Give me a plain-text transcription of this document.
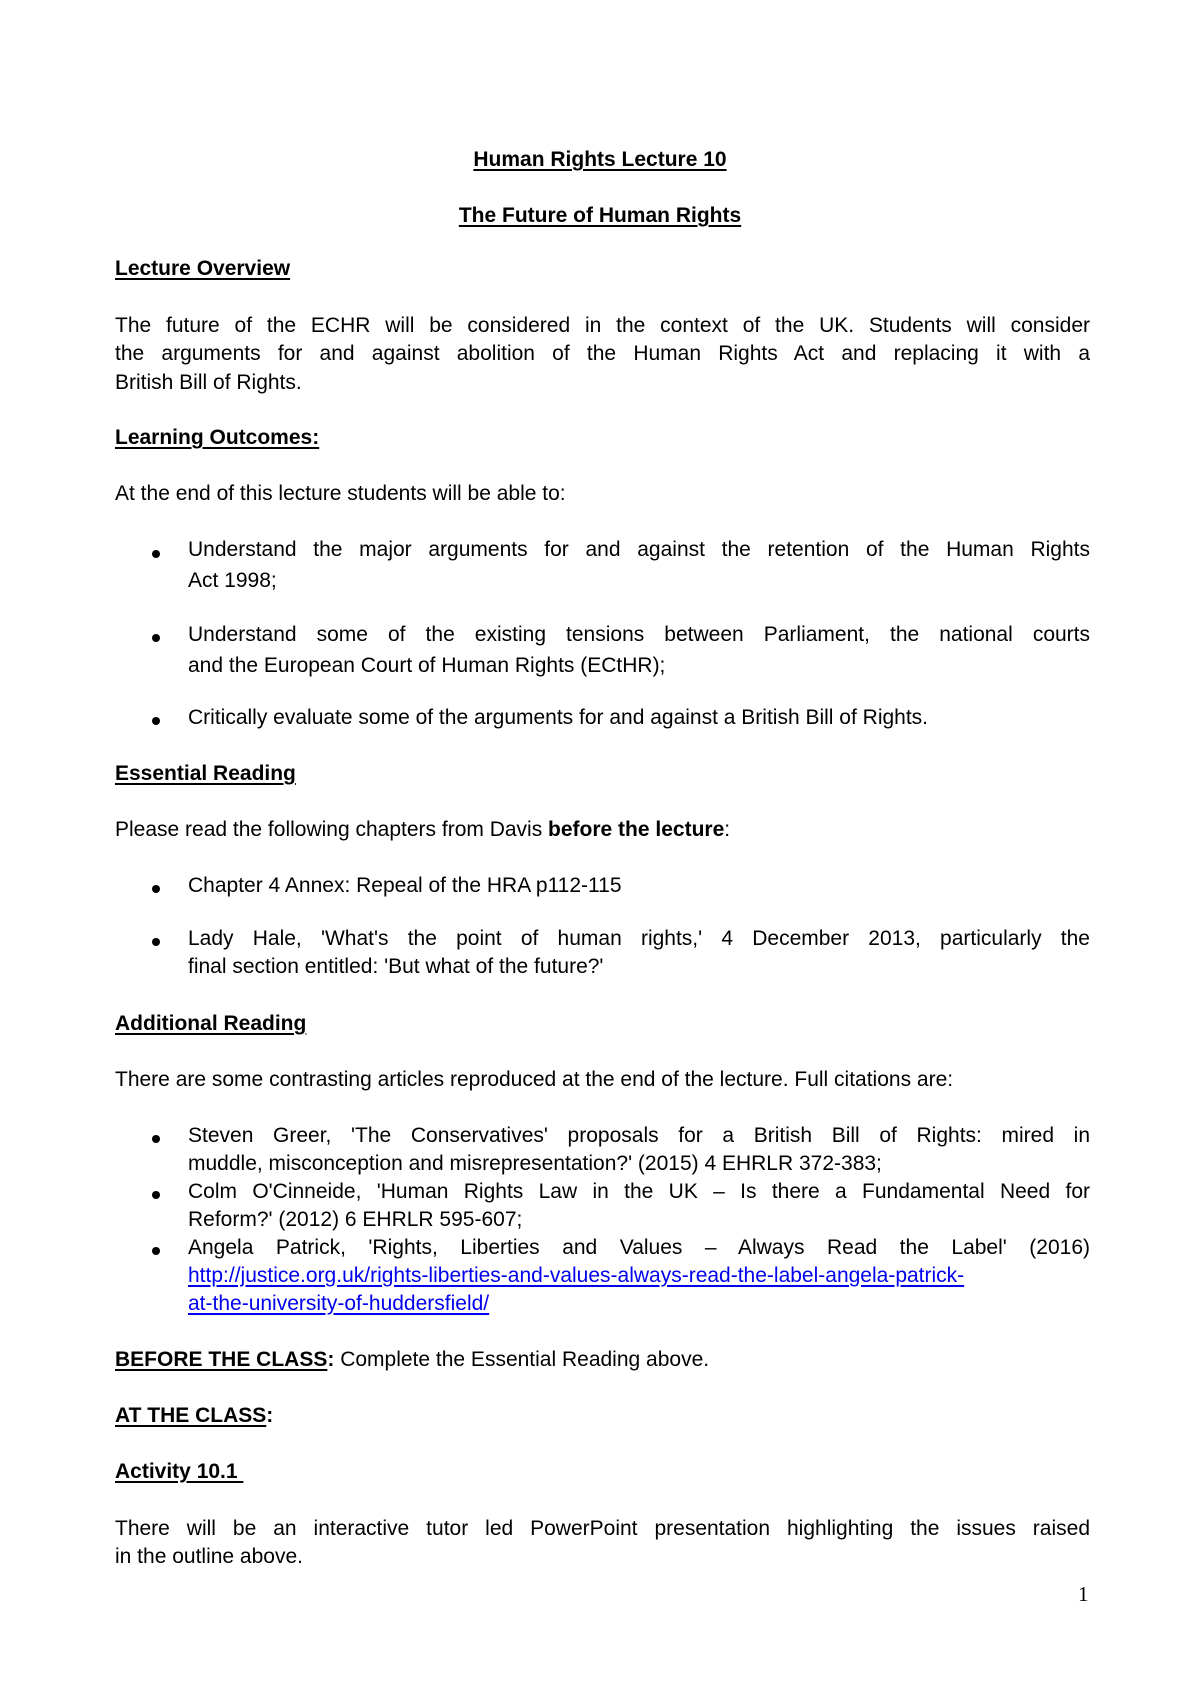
Human Rights Lecture 10
The Future of Human Rights
Lecture Overview
The future of the ECHR will be considered in the context of the UK. Students will consider
the arguments for and against abolition of the Human Rights Act and replacing it with a
British Bill of Rights.
Learning Outcomes:
At the end of this lecture students will be able to:
Understand the major arguments for and against the retention of the Human Rights
Act 1998;
Understand some of the existing tensions between Parliament, the national courts
and the European Court of Human Rights (ECtHR);
Critically evaluate some of the arguments for and against a British Bill of Rights.
Essential Reading
Please read the following chapters from Davis before the lecture:
Chapter 4 Annex: Repeal of the HRA p112-115
Lady Hale, 'What's the point of human rights,' 4 December 2013, particularly the
final section entitled: 'But what of the future?'
Additional Reading
There are some contrasting articles reproduced at the end of the lecture. Full citations are:
Steven Greer, 'The Conservatives' proposals for a British Bill of Rights: mired in
muddle, misconception and misrepresentation?' (2015) 4 EHRLR 372-383;
Colm O'Cinneide, 'Human Rights Law in the UK – Is there a Fundamental Need for
Reform?' (2012) 6 EHRLR 595-607;
Angela Patrick, 'Rights, Liberties and Values – Always Read the Label' (2016)
http://justice.org.uk/rights-liberties-and-values-always-read-the-label-angela-patrick-
at-the-university-of-huddersfield/
BEFORE THE CLASS: Complete the Essential Reading above.
AT THE CLASS:
Activity 10.1
There will be an interactive tutor led PowerPoint presentation highlighting the issues raised
in the outline above.
1
